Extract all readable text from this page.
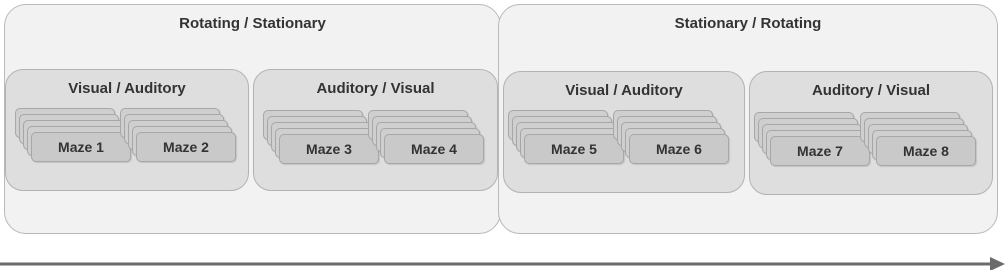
Rotating / Stationary
Visual / Auditory
Maze 1	Maze 2
Auditory / Visual
Maze 3	Maze 4
Stationary / Rotating
Visual / Auditory
Maze 5	Maze 6
Auditory / Visual
Maze 7	Maze 8
